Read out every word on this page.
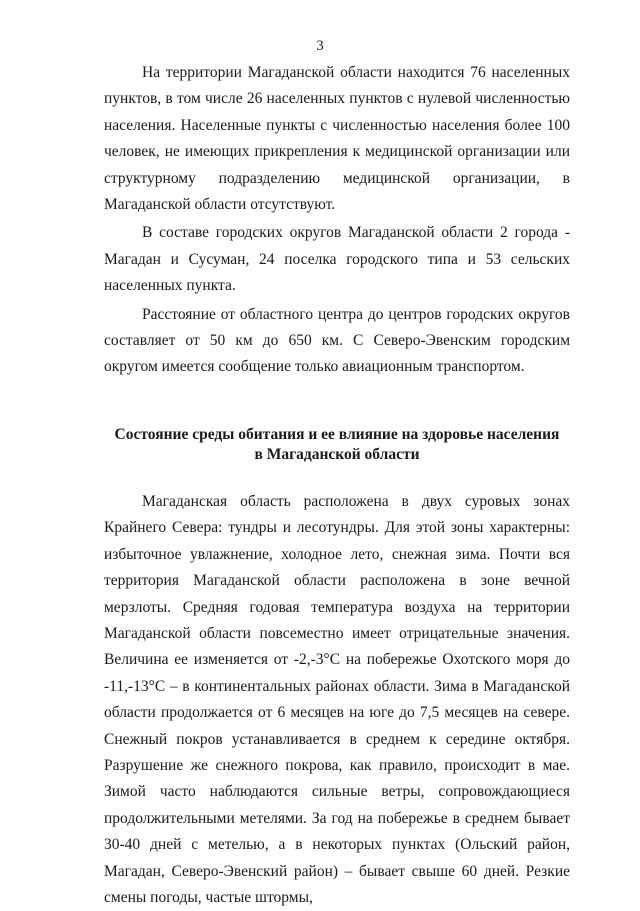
3

На территории Магаданской области находится 76 населенных пунктов, в том числе 26 населенных пунктов с нулевой численностью населения. Населенные пункты с численностью населения более 100 человек, не имеющих прикрепления к медицинской организации или структурному подразделению медицинской организации, в Магаданской области отсутствуют.

В составе городских округов Магаданской области 2 города - Магадан и Сусуман, 24 поселка городского типа и 53 сельских населенных пункта.

Расстояние от областного центра до центров городских округов составляет от 50 км до 650 км. С Северо-Эвенским городским округом имеется сообщение только авиационным транспортом.

Состояние среды обитания и ее влияние на здоровье населения
в Магаданской области

Магаданская область расположена в двух суровых зонах Крайнего Севера: тундры и лесотундры. Для этой зоны характерны: избыточное увлажнение, холодное лето, снежная зима. Почти вся территория Магаданской области расположена в зоне вечной мерзлоты. Средняя годовая температура воздуха на территории Магаданской области повсеместно имеет отрицательные значения. Величина ее изменяется от -2,-3°С на побережье Охотского моря до -11,-13°С – в континентальных районах области. Зима в Магаданской области продолжается от 6 месяцев на юге до 7,5 месяцев на севере. Снежный покров устанавливается в среднем к середине октября. Разрушение же снежного покрова, как правило, происходит в мае. Зимой часто наблюдаются сильные ветры, сопровождающиеся продолжительными метелями. За год на побережье в среднем бывает 30-40 дней с метелью, а в некоторых пунктах (Ольский район, Магадан, Северо-Эвенский район) – бывает свыше 60 дней. Резкие смены погоды, частые штормы,
